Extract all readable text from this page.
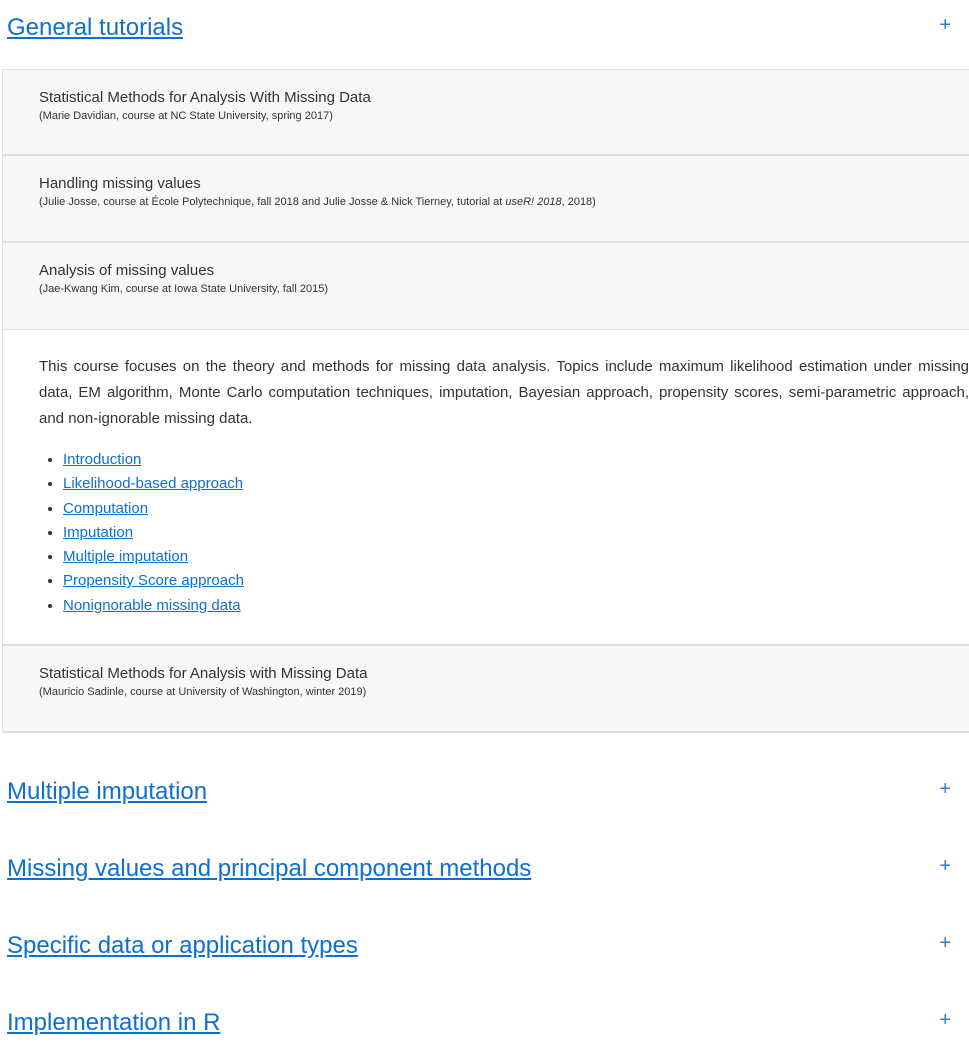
General tutorials	+
Statistical Methods for Analysis With Missing Data
(Marie Davidian, course at NC State University, spring 2017)
Handling missing values
(Julie Josse, course at École Polytechnique, fall 2018 and Julie Josse & Nick Tierney, tutorial at useR! 2018, 2018)
Analysis of missing values
(Jae-Kwang Kim, course at Iowa State University, fall 2015)

This course focuses on the theory and methods for missing data analysis. Topics include maximum likelihood estimation under missing data, EM algorithm, Monte Carlo computation techniques, imputation, Bayesian approach, propensity scores, semi-parametric approach, and non-ignorable missing data.

• Introduction
• Likelihood-based approach
• Computation
• Imputation
• Multiple imputation
• Propensity Score approach
• Nonignorable missing data
Statistical Methods for Analysis with Missing Data
(Mauricio Sadinle, course at University of Washington, winter 2019)
Multiple imputation	+
Missing values and principal component methods	+
Specific data or application types	+
Implementation in R	+
